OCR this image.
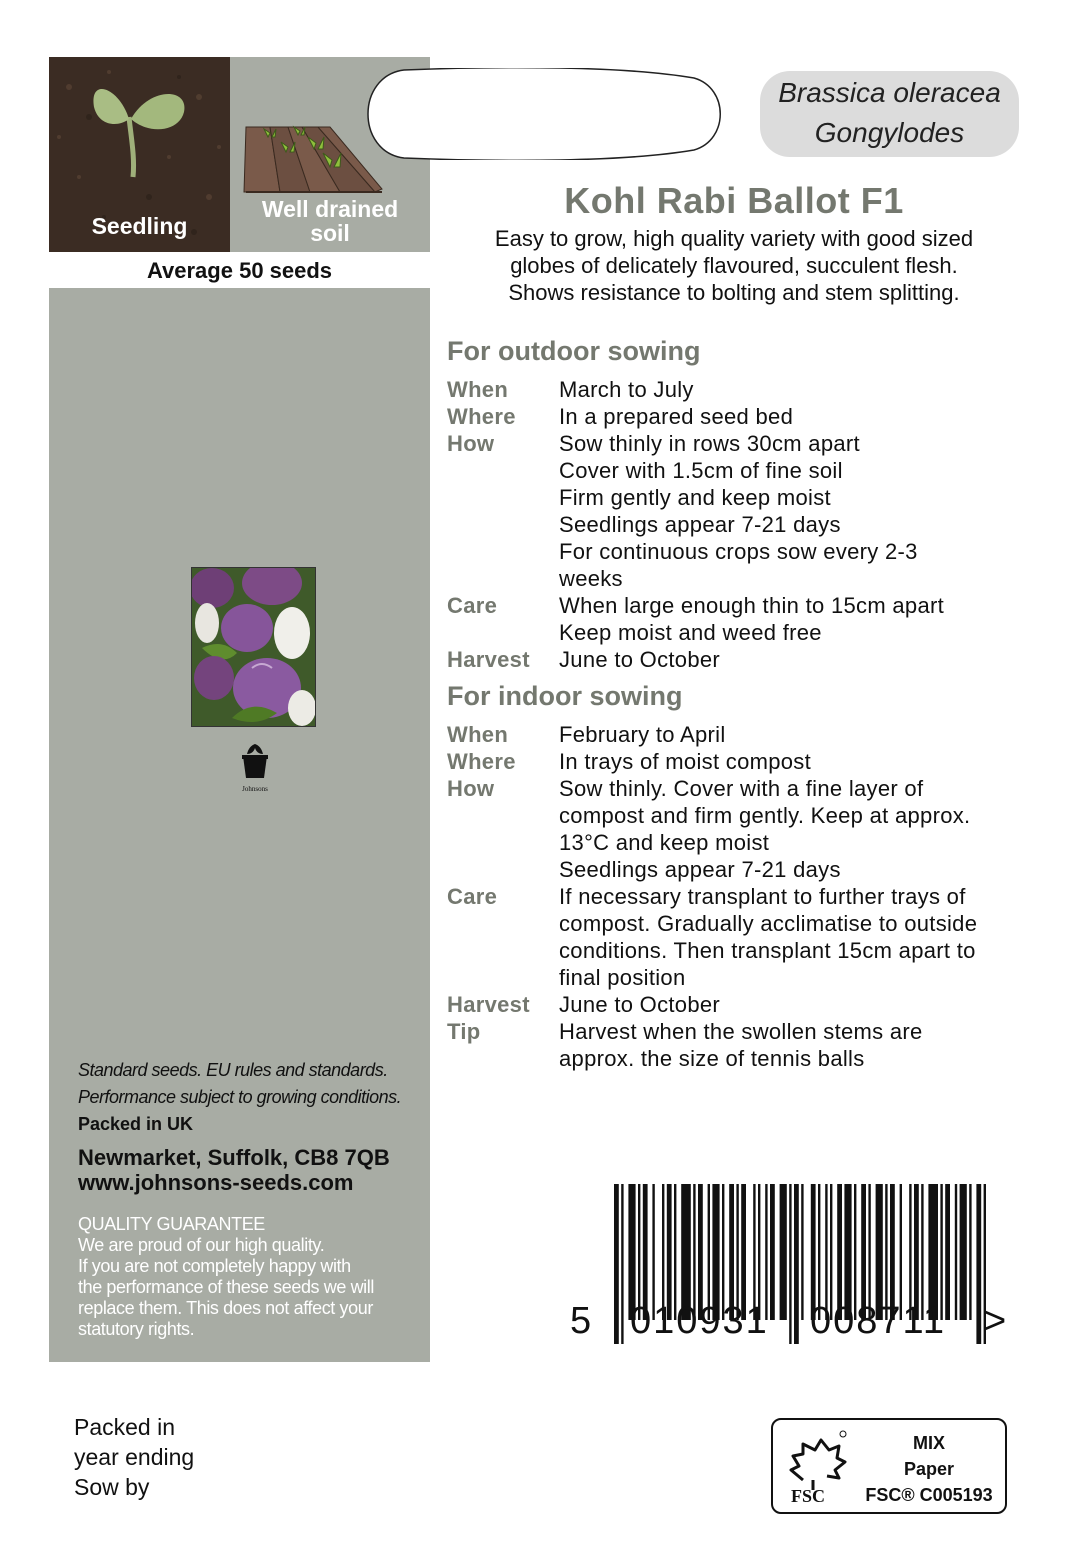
Seedling
Well drained
soil
Average 50 seeds
Johnsons
Standard seeds. EU rules and standards.
Performance subject to growing conditions.
Packed in UK
Newmarket, Suffolk, CB8 7QB
www.johnsons-seeds.com
QUALITY GUARANTEE
We are proud of our high quality.
If you are not completely happy with
the performance of these seeds we will
replace them. This does not affect your
statutory rights.
Packed in
year ending
Sow by
Brassica oleracea
Gongylodes
Kohl Rabi Ballot F1
Easy to grow, high quality variety with good sized
globes of delicately flavoured, succulent flesh.
Shows resistance to bolting and stem splitting.
For outdoor sowing
When	March to July
Where	In a prepared seed bed
How	Sow thinly in rows 30cm apart
Cover with 1.5cm of fine soil
Firm gently and keep moist
Seedlings appear 7-21 days
For continuous crops sow every 2-3
weeks
Care	When large enough thin to 15cm apart
Keep moist and weed free
Harvest	June to October
For indoor sowing
When	February to April
Where	In trays of moist compost
How	Sow thinly. Cover with a fine layer of
compost and firm gently. Keep at approx.
13°C and keep moist
Seedlings appear 7-21 days
Care	If necessary transplant to further trays of
compost. Gradually acclimatise to outside
conditions. Then transplant 15cm apart to
final position
Harvest	June to October
Tip	Harvest when the swollen stems are
approx. the size of tennis balls
5 010931 008711 >
FSC
MIX
Paper
FSC® C005193
